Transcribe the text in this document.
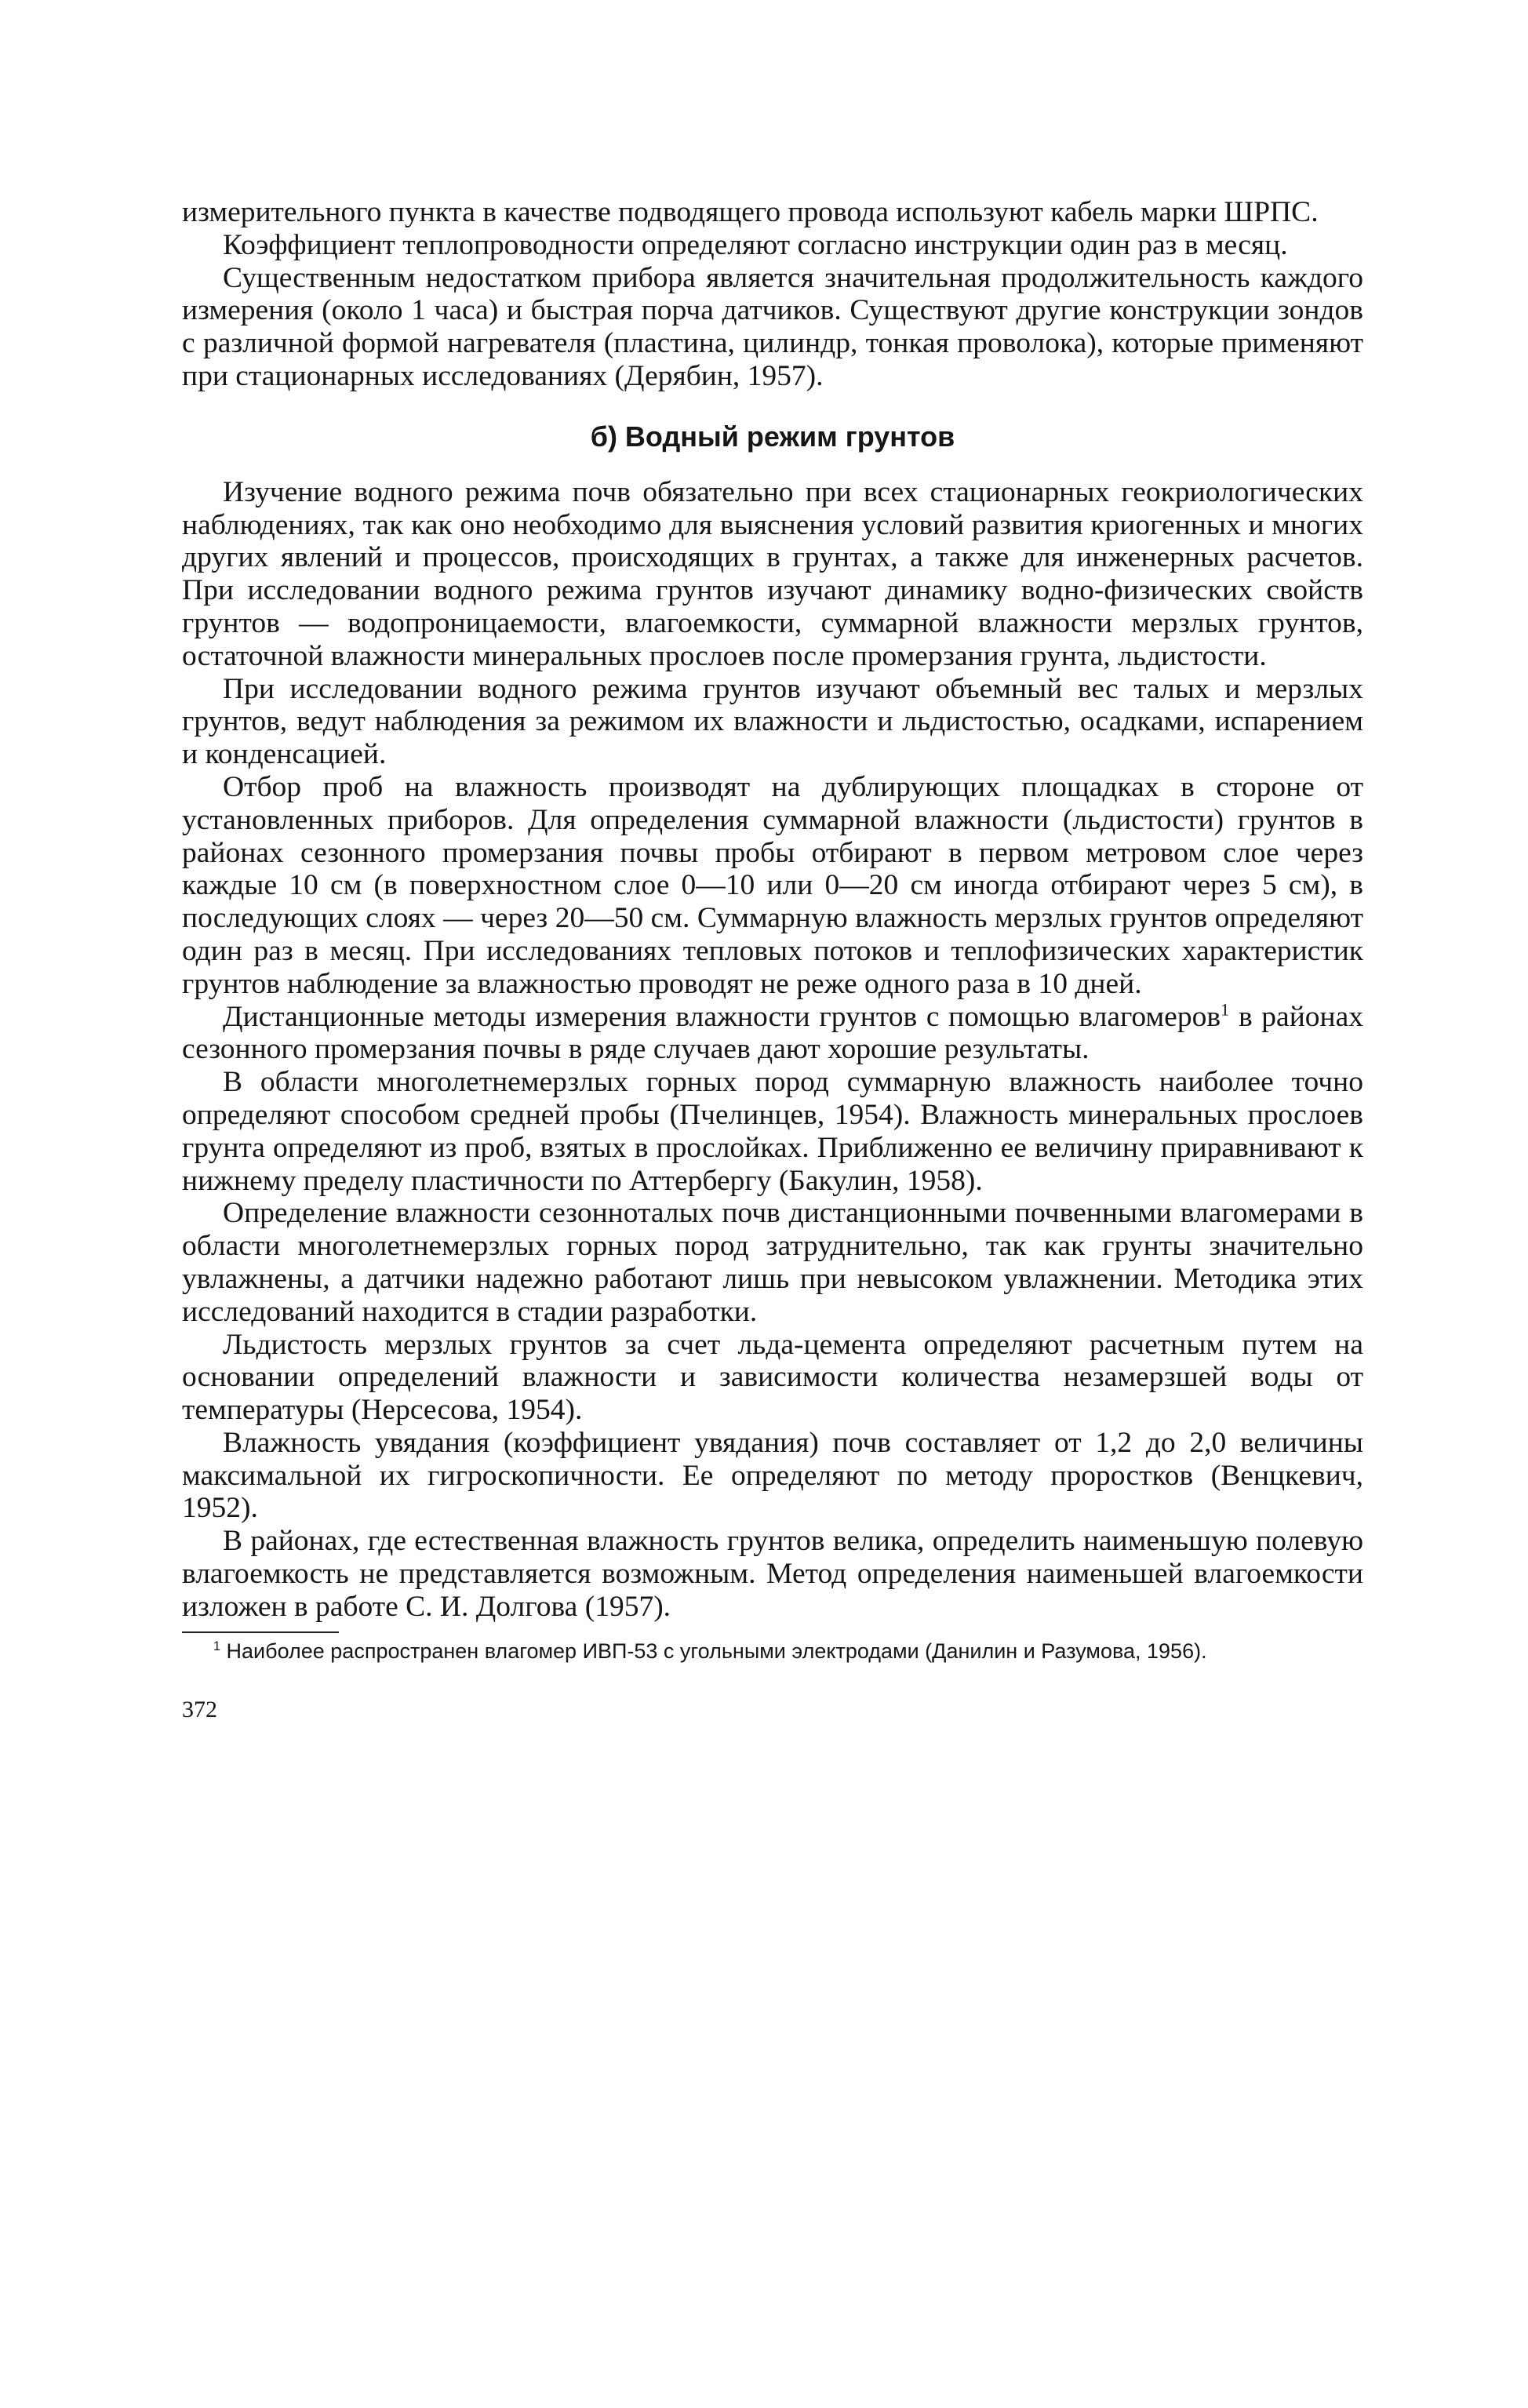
измерительного пункта в качестве подводящего провода используют кабель марки ШРПС.

Коэффициент теплопроводности определяют согласно инструкции один раз в месяц.

Существенным недостатком прибора является значительная продолжительность каждого измерения (около 1 часа) и быстрая порча датчиков. Существуют другие конструкции зондов с различной формой нагревателя (пластина, цилиндр, тонкая проволока), которые применяют при стационарных исследованиях (Дерябин, 1957).

б) Водный режим грунтов

Изучение водного режима почв обязательно при всех стационарных геокриологических наблюдениях, так как оно необходимо для выяснения условий развития криогенных и многих других явлений и процессов, происходящих в грунтах, а также для инженерных расчетов. При исследовании водного режима грунтов изучают динамику водно-физических свойств грунтов — водопроницаемости, влагоемкости, суммарной влажности мерзлых грунтов, остаточной влажности минеральных прослоев после промерзания грунта, льдистости.

При исследовании водного режима грунтов изучают объемный вес талых и мерзлых грунтов, ведут наблюдения за режимом их влажности и льдистостью, осадками, испарением и конденсацией.

Отбор проб на влажность производят на дублирующих площадках в стороне от установленных приборов. Для определения суммарной влажности (льдистости) грунтов в районах сезонного промерзания почвы пробы отбирают в первом метровом слое через каждые 10 см (в поверхностном слое 0—10 или 0—20 см иногда отбирают через 5 см), в последующих слоях — через 20—50 см. Суммарную влажность мерзлых грунтов определяют один раз в месяц. При исследованиях тепловых потоков и теплофизических характеристик грунтов наблюдение за влажностью проводят не реже одного раза в 10 дней.

Дистанционные методы измерения влажности грунтов с помощью влагомеров$^1$ в районах сезонного промерзания почвы в ряде случаев дают хорошие результаты.

В области многолетнемерзлых горных пород суммарную влажность наиболее точно определяют способом средней пробы (Пчелинцев, 1954). Влажность минеральных прослоев грунта определяют из проб, взятых в прослойках. Приближенно ее величину приравнивают к нижнему пределу пластичности по Аттербергу (Бакулин, 1958).

Определение влажности сезонноталых почв дистанционными почвенными влагомерами в области многолетнемерзлых горных пород затруднительно, так как грунты значительно увлажнены, а датчики надежно работают лишь при невысоком увлажнении. Методика этих исследований находится в стадии разработки.

Льдистость мерзлых грунтов за счет льда-цемента определяют расчетным путем на основании определений влажности и зависимости количества незамерзшей воды от температуры (Нерсесова, 1954).

Влажность увядания (коэффициент увядания) почв составляет от 1,2 до 2,0 величины максимальной их гигроскопичности. Ее определяют по методу проростков (Венцкевич, 1952).

В районах, где естественная влажность грунтов велика, определить наименьшую полевую влагоемкость не представляется возможным. Метод определения наименьшей влагоемкости изложен в работе С. И. Долгова (1957).

$^1$ Наиболее распространен влагомер ИВП-53 с угольными электродами (Данилин и Разумова, 1956).

372
